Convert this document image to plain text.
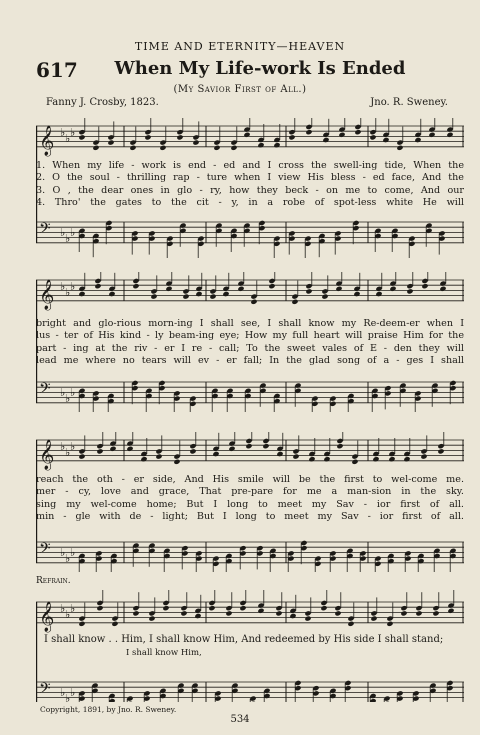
TIME AND ETERNITY—HEAVEN
617	When My Life-work Is Ended
(My Savior First of All.)
Fanny J. Crosby, 1823.	Jno. R. Sweney.
𝄞 ♭ ♭ ♭
𝄢 ♭ ♭ ♭
1. When my life - work is end - ed and I cross the swell-ing tide, When the
2. O the soul - thrilling rap - ture when I view His bless - ed face, And the
3. O , the dear ones in glo - ry, how they beck - on me to come, And our
4. Thro' the gates to the cit - y, in a robe of spot-less white He will
𝄞 ♭ ♭ ♭
𝄢 ♭ ♭ ♭
bright and glo-rious morn-ing I shall see, I shall know my Re-deem-er when I
lus - ter of His kind - ly beam-ing eye; How my full heart will praise Him for the
part - ing at the riv - er I re - call; To the sweet vales of E - den they will
lead me where no tears will ev - er fall; In the glad song of a - ges I shall
𝄞 ♭ ♭ ♭
𝄢 ♭ ♭ ♭
reach the oth - er side, And His smile will be the first to wel-come me.
mer - cy, love and grace, That pre-pare for me a man-sion in the sky.
sing my wel-come home; But I long to meet my Sav - ior first of all.
min - gle with de - light; But I long to meet my Sav - ior first of all.
Refrain.
𝄞 ♭ ♭ ♭
𝄢 ♭ ♭ ♭
I shall know . . Him, I shall know Him, And redeemed by His side I shall stand;
I shall know Him,
Copyright, 1891, by Jno. R. Sweney.
534
